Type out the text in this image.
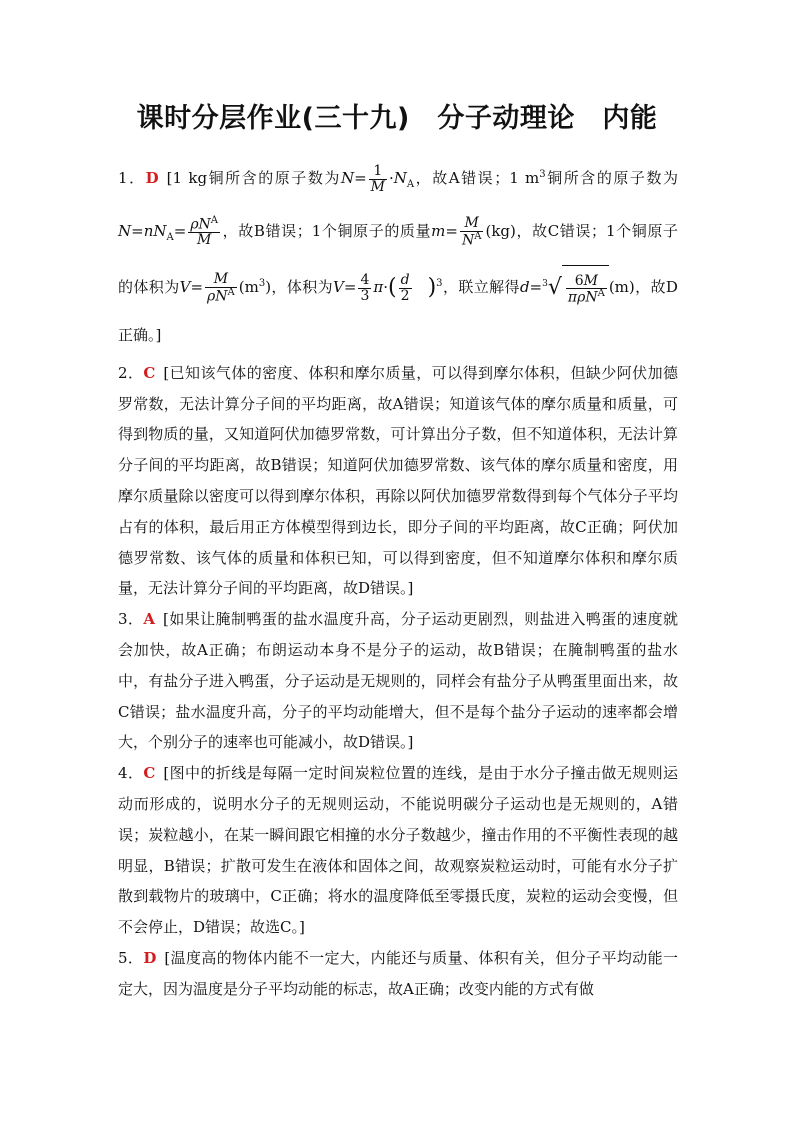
课时分层作业(三十九)　分子动理论　内能

1．D [1 kg铜所含的原子数为$N= \frac{1}{M} \cdot N_A$，故A错误；1 $m^3$铜所含的原子数为$N=nN_A= \frac{\rho N^A}{M}$ ，故B错误；1个铜原子的质量$m= \frac{M}{N^A} (kg)$，故C错误；1个铜原子的体积为$V= \frac{M}{\rho N^A} (m^3)$，体积为$V= \frac{4}{3} \pi\cdot( \frac{d}{2} )^3$，联立解得$d=^3√ \frac{6M}{\pi\rho N^A} (m)$，故D正确。]

2．C [已知该气体的密度、体积和摩尔质量，可以得到摩尔体积，但缺少阿伏加德罗常数，无法计算分子间的平均距离，故A错误；知道该气体的摩尔质量和质量，可得到物质的量，又知道阿伏加德罗常数，可计算出分子数，但不知道体积，无法计算分子间的平均距离，故B错误；知道阿伏加德罗常数、该气体的摩尔质量和密度，用摩尔质量除以密度可以得到摩尔体积，再除以阿伏加德罗常数得到每个气体分子平均占有的体积，最后用正方体模型得到边长，即分子间的平均距离，故C正确；阿伏加德罗常数、该气体的质量和体积已知，可以得到密度，但不知道摩尔体积和摩尔质量，无法计算分子间的平均距离，故D错误。]

3．A [如果让腌制鸭蛋的盐水温度升高，分子运动更剧烈，则盐进入鸭蛋的速度就会加快，故A正确；布朗运动本身不是分子的运动，故B错误；在腌制鸭蛋的盐水中，有盐分子进入鸭蛋，分子运动是无规则的，同样会有盐分子从鸭蛋里面出来，故C错误；盐水温度升高，分子的平均动能增大，但不是每个盐分子运动的速率都会增大，个别分子的速率也可能减小，故D错误。]

4．C [图中的折线是每隔一定时间炭粒位置的连线，是由于水分子撞击做无规则运动而形成的，说明水分子的无规则运动，不能说明碳分子运动也是无规则的，A错误；炭粒越小，在某一瞬间跟它相撞的水分子数越少，撞击作用的不平衡性表现的越明显，B错误；扩散可发生在液体和固体之间，故观察炭粒运动时，可能有水分子扩散到载物片的玻璃中，C正确；将水的温度降低至零摄氏度，炭粒的运动会变慢，但不会停止，D错误；故选C。]

5．D [温度高的物体内能不一定大，内能还与质量、体积有关，但分子平均动能一定大，因为温度是分子平均动能的标志，故A正确；改变内能的方式有做
